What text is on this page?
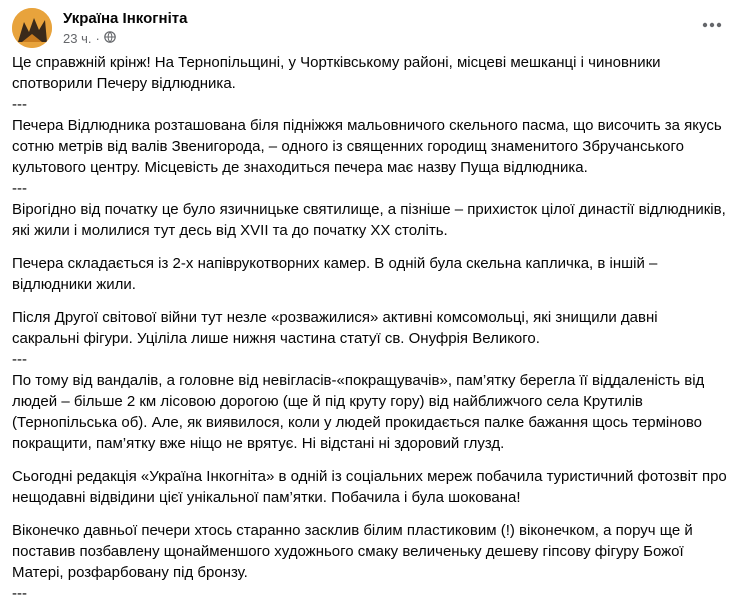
Україна Інкогніта
23 ч. ·

Це справжній крінж! На Тернопільщині, у Чортківському районі, місцеві мешканці і чиновники спотворили Печеру відлюдника.

---

Печера Відлюдника розташована біля підніжжя мальовничого скельного пасма, що височить за якусь сотню метрів від валів Звенигорода, – одного із священних городищ знаменитого Збручанського культового центру. Місцевість де знаходиться печера має назву Пуща відлюдника.

---

Вірогідно від початку це було язичницьке святилище, а пізніше – прихисток цілої династії відлюдників, які жили і молилися тут десь від XVII та до початку XX століть.

Печера складається із 2-х напіврукотворних камер. В одній була скельна капличка, в іншій – відлюдники жили.

Після Другої світової війни тут незле «розважилися» активні комсомольці, які знищили давні сакральні фігури. Уціліла лише нижня частина статуї св. Онуфрія Великого.

---

По тому від вандалів, а головне від невігласів-«покращувачів», пам’ятку берегла її віддаленість від людей – більше 2 км лісовою дорогою (ще й під круту гору) від найближчого села Крутилів (Тернопільська об). Але, як виявилося, коли у людей прокидається палке бажання щось терміново покращити, пам’ятку вже ніщо не врятує. Ні відстані ні здоровий глузд.

Сьогодні редакція «Україна Інкогніта» в одній із соціальних мереж побачила туристичний фотозвіт про нещодавні відвідини цієї унікальної пам’ятки. Побачила і була шокована!

Віконечко давньої печери хтось старанно засклив білим пластиковим (!) віконечком, а поруч ще й поставив позбавлену щонайменшого художнього смаку величеньку дешеву гіпсову фігуру Божої Матері, розфарбовану під бронзу.

---
